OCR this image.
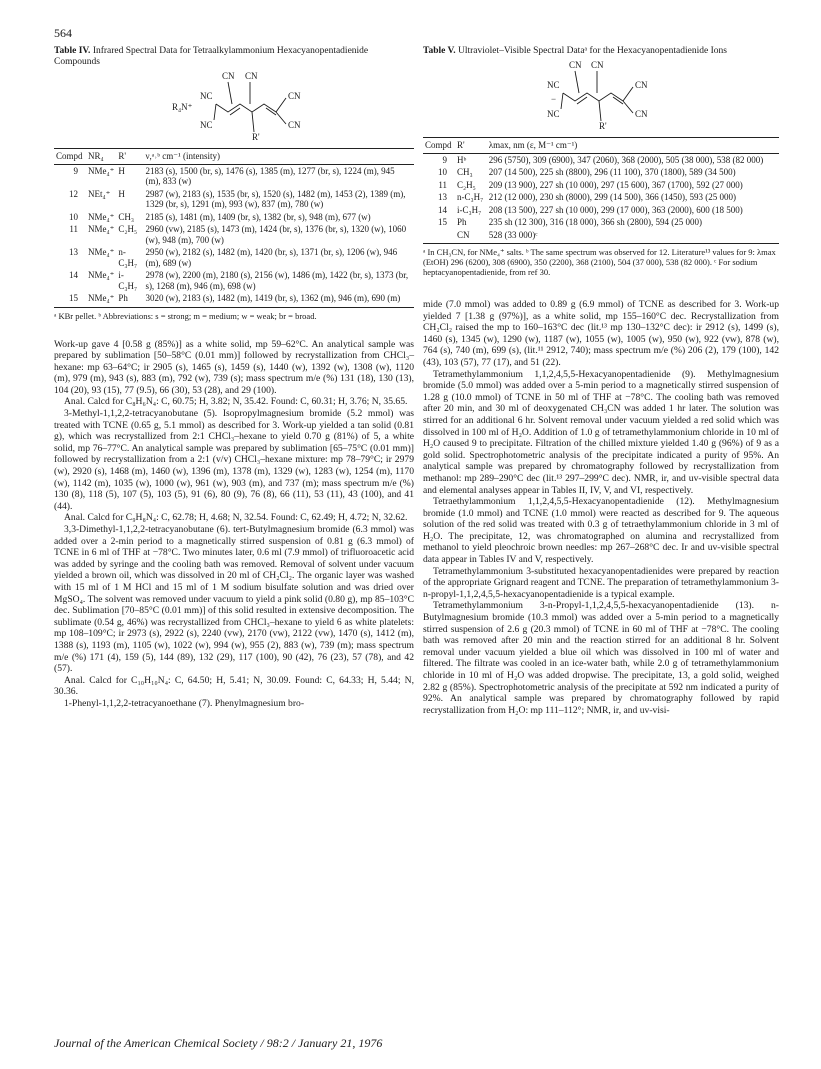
564

Table IV. Infrared Spectral Data for Tetraalkylammonium Hexacyanopentadienide Compounds

CN CN
NC	CN
R₄N⁺
NC	CN
R'
Compd	NR₄	R'	ν,ᵃ˒ᵇ cm⁻¹ (intensity)
9	NMe₄⁺	H	2183 (s), 1500 (br, s), 1476 (s), 1385 (m), 1277 (br, s), 1224 (m), 945 (m), 833 (w)
12	NEt₄⁺	H	2987 (w), 2183 (s), 1535 (br, s), 1520 (s), 1482 (m), 1453 (2), 1389 (m), 1329 (br, s), 1291 (m), 993 (w), 837 (m), 780 (w)
10	NMe₄⁺	CH₃	2185 (s), 1481 (m), 1409 (br, s), 1382 (br, s), 948 (m), 677 (w)
11	NMe₄⁺	C₂H₅	2960 (vw), 2185 (s), 1473 (m), 1424 (br, s), 1376 (br, s), 1320 (w), 1060 (w), 948 (m), 700 (w)
13	NMe₄⁺	n-C₃H₇	2950 (w), 2182 (s), 1482 (m), 1420 (br, s), 1371 (br, s), 1206 (w), 946 (m), 689 (w)
14	NMe₄⁺	i-C₃H₇	2978 (w), 2200 (m), 2180 (s), 2156 (w), 1486 (m), 1422 (br, s), 1373 (br, s), 1268 (m), 946 (m), 698 (w)
15	NMe₄⁺	Ph	3020 (w), 2183 (s), 1482 (m), 1419 (br, s), 1362 (m), 946 (m), 690 (m)

ᵃ KBr pellet. ᵇ Abbreviations: s = strong; m = medium; w = weak; br = broad.

Work-up gave 4 [0.58 g (85%)] as a white solid, mp 59–62°C. An analytical sample was prepared by sublimation [50–58°C (0.01 mm)] followed by recrystallization from CHCl₃–hexane: mp 63–64°C; ir 2905 (s), 1465 (s), 1459 (s), 1440 (w), 1392 (w), 1308 (w), 1120 (m), 979 (m), 943 (s), 883 (m), 792 (w), 739 (s); mass spectrum m/e (%) 131 (18), 130 (13), 104 (20), 93 (15), 77 (9.5), 66 (30), 53 (28), and 29 (100).

Anal. Calcd for C₈H₆N₄: C, 60.75; H, 3.82; N, 35.42. Found: C, 60.31; H, 3.76; N, 35.65.

3-Methyl-1,1,2,2-tetracyanobutane (5). Isopropylmagnesium bromide (5.2 mmol) was treated with TCNE (0.65 g, 5.1 mmol) as described for 3. Work-up yielded a tan solid (0.81 g), which was recrystallized from 2:1 CHCl₃–hexane to yield 0.70 g (81%) of 5, a white solid, mp 76–77°C. An analytical sample was prepared by sublimation [65–75°C (0.01 mm)] followed by recrystallization from a 2:1 (v/v) CHCl₃–hexane mixture: mp 78–79°C; ir 2979 (w), 2920 (s), 1468 (m), 1460 (w), 1396 (m), 1378 (m), 1329 (w), 1283 (w), 1254 (m), 1170 (w), 1142 (m), 1035 (w), 1000 (w), 961 (w), 903 (m), and 737 (m); mass spectrum m/e (%) 130 (8), 118 (5), 107 (5), 103 (5), 91 (6), 80 (9), 76 (8), 66 (11), 53 (11), 43 (100), and 41 (44).

Anal. Calcd for C₉H₈N₄: C, 62.78; H, 4.68; N, 32.54. Found: C, 62.49; H, 4.72; N, 32.62.

3,3-Dimethyl-1,1,2,2-tetracyanobutane (6). tert-Butylmagnesium bromide (6.3 mmol) was added over a 2-min period to a magnetically stirred suspension of 0.81 g (6.3 mmol) of TCNE in 6 ml of THF at −78°C. Two minutes later, 0.6 ml (7.9 mmol) of trifluoroacetic acid was added by syringe and the cooling bath was removed. Removal of solvent under vacuum yielded a brown oil, which was dissolved in 20 ml of CH₂Cl₂. The organic layer was washed with 15 ml of 1 M HCl and 15 ml of 1 M sodium bisulfate solution and was dried over MgSO₄. The solvent was removed under vacuum to yield a pink solid (0.80 g), mp 85–103°C dec. Sublimation [70–85°C (0.01 mm)] of this solid resulted in extensive decomposition. The sublimate (0.54 g, 46%) was recrystallized from CHCl₃–hexane to yield 6 as white platelets: mp 108–109°C; ir 2973 (s), 2922 (s), 2240 (vw), 2170 (vw), 2122 (vw), 1470 (s), 1412 (m), 1388 (s), 1193 (m), 1105 (w), 1022 (w), 994 (w), 955 (2), 883 (w), 739 (m); mass spectrum m/e (%) 171 (4), 159 (5), 144 (89), 132 (29), 117 (100), 90 (42), 76 (23), 57 (78), and 42 (57).

Anal. Calcd for C₁₀H₁₀N₄: C, 64.50; H, 5.41; N, 30.09. Found: C, 64.33; H, 5.44; N, 30.36.

1-Phenyl-1,1,2,2-tetracyanoethane (7). Phenylmagnesium bro-

Table V. Ultraviolet–Visible Spectral Dataᵃ for the Hexacyanopentadienide Ions

CN CN
NC	CN
−
NC	CN
R'
Compd	R'	λmax, nm (ε, M⁻¹ cm⁻¹)
9	Hᵇ	296 (5750), 309 (6900), 347 (2060), 368 (2000), 505 (38 000), 538 (82 000)
10	CH₃	207 (14 500), 225 sh (8800), 296 (11 100), 370 (1800), 589 (34 500)
11	C₂H₅	209 (13 900), 227 sh (10 000), 297 (15 600), 367 (1700), 592 (27 000)
13	n-C₃H₇	212 (12 000), 230 sh (8000), 299 (14 500), 366 (1450), 593 (25 000)
14	i-C₃H₇	208 (13 500), 227 sh (10 000), 299 (17 000), 363 (2000), 600 (18 500)
15	Ph	235 sh (12 300), 316 (18 000), 366 sh (2800), 594 (25 000)
	CN	528 (33 000)ᶜ

ᵃ In CH₃CN, for NMe₄⁺ salts. ᵇ The same spectrum was observed for 12. Literature¹³ values for 9: λmax (EtOH) 296 (6200), 308 (6900), 350 (2200), 368 (2100), 504 (37 000), 538 (82 000). ᶜ For sodium heptacyanopentadienide, from ref 30.

mide (7.0 mmol) was added to 0.89 g (6.9 mmol) of TCNE as described for 3. Work-up yielded 7 [1.38 g (97%)], as a white solid, mp 155–160°C dec. Recrystallization from CH₂Cl₂ raised the mp to 160–163°C dec (lit.¹³ mp 130–132°C dec): ir 2912 (s), 1499 (s), 1460 (s), 1345 (w), 1290 (w), 1187 (w), 1055 (w), 1005 (w), 950 (w), 922 (vw), 878 (w), 764 (s), 740 (m), 699 (s), (lit.¹¹ 2912, 740); mass spectrum m/e (%) 206 (2), 179 (100), 142 (43), 103 (57), 77 (17), and 51 (22).

Tetramethylammonium 1,1,2,4,5,5-Hexacyanopentadienide (9). Methylmagnesium bromide (5.0 mmol) was added over a 5-min period to a magnetically stirred suspension of 1.28 g (10.0 mmol) of TCNE in 50 ml of THF at −78°C. The cooling bath was removed after 20 min, and 30 ml of deoxygenated CH₃CN was added 1 hr later. The solution was stirred for an additional 6 hr. Solvent removal under vacuum yielded a red solid which was dissolved in 100 ml of H₂O. Addition of 1.0 g of tetramethylammonium chloride in 10 ml of H₂O caused 9 to precipitate. Filtration of the chilled mixture yielded 1.40 g (96%) of 9 as a gold solid. Spectrophotometric analysis of the precipitate indicated a purity of 95%. An analytical sample was prepared by chromatography followed by recrystallization from methanol: mp 289–290°C dec (lit.¹³ 297–299°C dec). NMR, ir, and uv-visible spectral data and elemental analyses appear in Tables II, IV, V, and VI, respectively.

Tetraethylammonium 1,1,2,4,5,5-Hexacyanopentadienide (12). Methylmagnesium bromide (1.0 mmol) and TCNE (1.0 mmol) were reacted as described for 9. The aqueous solution of the red solid was treated with 0.3 g of tetraethylammonium chloride in 3 ml of H₂O. The precipitate, 12, was chromatographed on alumina and recrystallized from methanol to yield pleochroic brown needles: mp 267–268°C dec. Ir and uv-visible spectral data appear in Tables IV and V, respectively.

Tetramethylammonium 3-substituted hexacyanopentadienides were prepared by reaction of the appropriate Grignard reagent and TCNE. The preparation of tetramethylammonium 3-n-propyl-1,1,2,4,5,5-hexacyanopentadienide is a typical example.

Tetramethylammonium 3-n-Propyl-1,1,2,4,5,5-hexacyanopentadienide (13). n-Butylmagnesium bromide (10.3 mmol) was added over a 5-min period to a magnetically stirred suspension of 2.6 g (20.3 mmol) of TCNE in 60 ml of THF at −78°C. The cooling bath was removed after 20 min and the reaction stirred for an additional 8 hr. Solvent removal under vacuum yielded a blue oil which was dissolved in 100 ml of water and filtered. The filtrate was cooled in an ice-water bath, while 2.0 g of tetramethylammonium chloride in 10 ml of H₂O was added dropwise. The precipitate, 13, a gold solid, weighed 2.82 g (85%). Spectrophotometric analysis of the precipitate at 592 nm indicated a purity of 92%. An analytical sample was prepared by chromatography followed by rapid recrystallization from H₂O: mp 111–112°; NMR, ir, and uv-visi-

Journal of the American Chemical Society / 98:2 / January 21, 1976
